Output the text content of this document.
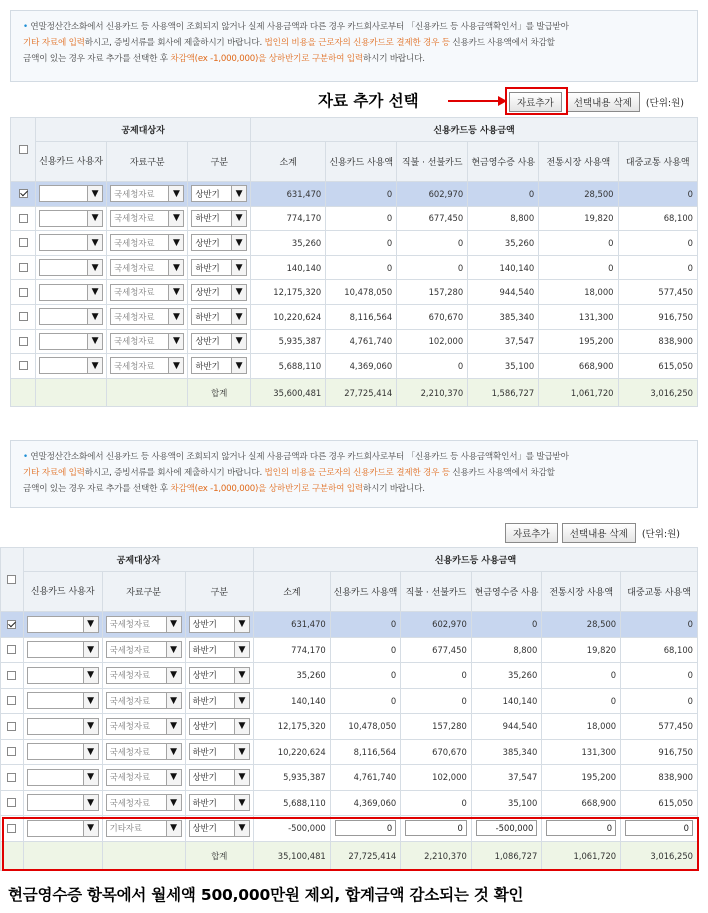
• 연말정산간소화에서 신용카드 등 사용액이 조회되지 않거나 실제 사용금액과 다른 경우 카드회사로부터 「신용카드 등 사용금액확인서」를 발급받아
기타 자료에 입력하시고, 증빙서류를 회사에 제출하시기 바랍니다. 법인의 비용을 근로자의 신용카드로 결제한 경우 등 신용카드 사용액에서 차감할
금액이 있는 경우 자료 추가를 선택한 후 차감액(ex -1,000,000)을 상하반기로 구분하여 입력하시기 바랍니다.
자료 추가 선택	자료추가	선택내용 삭제	(단위:원)
	공제대상자			신용카드등 사용금액					
	신용카드 사용자	자료구분	구분	소계	신용카드 사용액	직불 · 선불카드	현금영수증 사용	전통시장 사용액	대중교통 사용액

▼	국세청자료 ▼	상반기 ▼	631,470	0	602,970	0	28,500	0

▼	국세청자료 ▼	하반기 ▼	774,170	0	677,450	8,800	19,820	68,100

▼	국세청자료 ▼	상반기 ▼	35,260	0	0	35,260	0	0

▼	국세청자료 ▼	하반기 ▼	140,140	0	0	140,140	0	0

▼	국세청자료 ▼	상반기 ▼	12,175,320	10,478,050	157,280	944,540	18,000	577,450

▼	국세청자료 ▼	하반기 ▼	10,220,624	8,116,564	670,670	385,340	131,300	916,750

▼	국세청자료 ▼	상반기 ▼	5,935,387	4,761,740	102,000	37,547	195,200	838,900

▼	국세청자료 ▼	하반기 ▼	5,688,110	4,369,060	0	35,100	668,900	615,050
			합계	35,600,481	27,725,414	2,210,370	1,586,727	1,061,720	3,016,250
• 연말정산간소화에서 신용카드 등 사용액이 조회되지 않거나 실제 사용금액과 다른 경우 카드회사로부터 「신용카드 등 사용금액확인서」를 발급받아
기타 자료에 입력하시고, 증빙서류를 회사에 제출하시기 바랍니다. 법인의 비용을 근로자의 신용카드로 결제한 경우 등 신용카드 사용액에서 차감할
금액이 있는 경우 자료 추가를 선택한 후 차감액(ex -1,000,000)을 상하반기로 구분하여 입력하시기 바랍니다.
자료추가	선택내용 삭제	(단위:원)
	공제대상자			신용카드등 사용금액					
	신용카드 사용자	자료구분	구분	소계	신용카드 사용액	직불 · 선불카드	현금영수증 사용	전통시장 사용액	대중교통 사용액

▼	국세청자료 ▼	상반기 ▼	631,470	0	602,970	0	28,500	0

▼	국세청자료 ▼	하반기 ▼	774,170	0	677,450	8,800	19,820	68,100

▼	국세청자료 ▼	상반기 ▼	35,260	0	0	35,260	0	0

▼	국세청자료 ▼	하반기 ▼	140,140	0	0	140,140	0	0

▼	국세청자료 ▼	상반기 ▼	12,175,320	10,478,050	157,280	944,540	18,000	577,450

▼	국세청자료 ▼	하반기 ▼	10,220,624	8,116,564	670,670	385,340	131,300	916,750

▼	국세청자료 ▼	상반기 ▼	5,935,387	4,761,740	102,000	37,547	195,200	838,900

▼	국세청자료 ▼	하반기 ▼	5,688,110	4,369,060	0	35,100	668,900	615,050

▼	기타자료 ▼	상반기 ▼	-500,000	0	0	-500,000	0	0

			합계	35,100,481	27,725,414	2,210,370	1,086,727	1,061,720	3,016,250
현금영수증 항목에서 월세액 500,000만원 제외, 합계금액 감소되는 것 확인
